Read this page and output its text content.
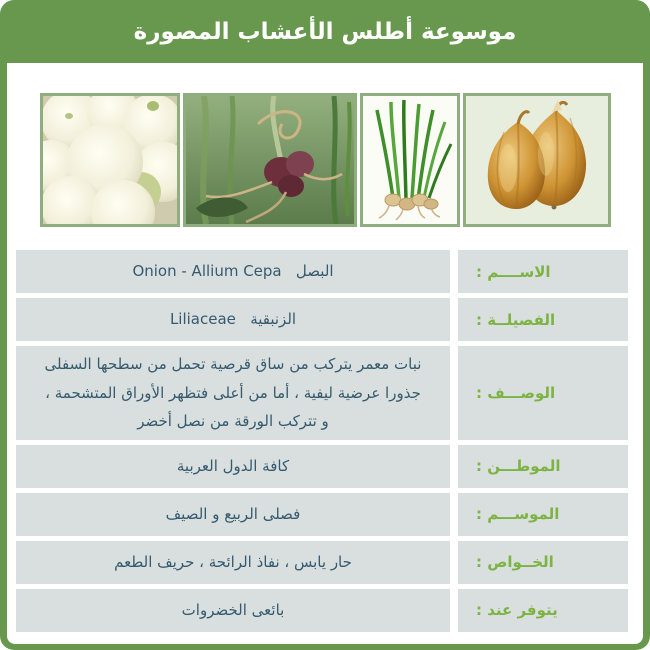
موسوعة أطلس الأعشاب المصورة
الاســــم :
البصل   Onion - Allium Cepa
الفصيلــة :
الزنبقية   Liliaceae
الوصـــف :
نبات معمر يتركب من ساق قرصية تحمل من سطحها السفلى جذورا عرضية ليفية ، أما من أعلى فتظهر الأوراق المتشحمة ، و تتركب الورقة من نصل أخضر
الموطـــن :
كافة الدول العربية
الموســـم :
فصلى الربيع و الصيف
الخــواص :
حار يابس ، نفاذ الرائحة ، حريف الطعم
يتوفر عند :
بائعى الخضروات
